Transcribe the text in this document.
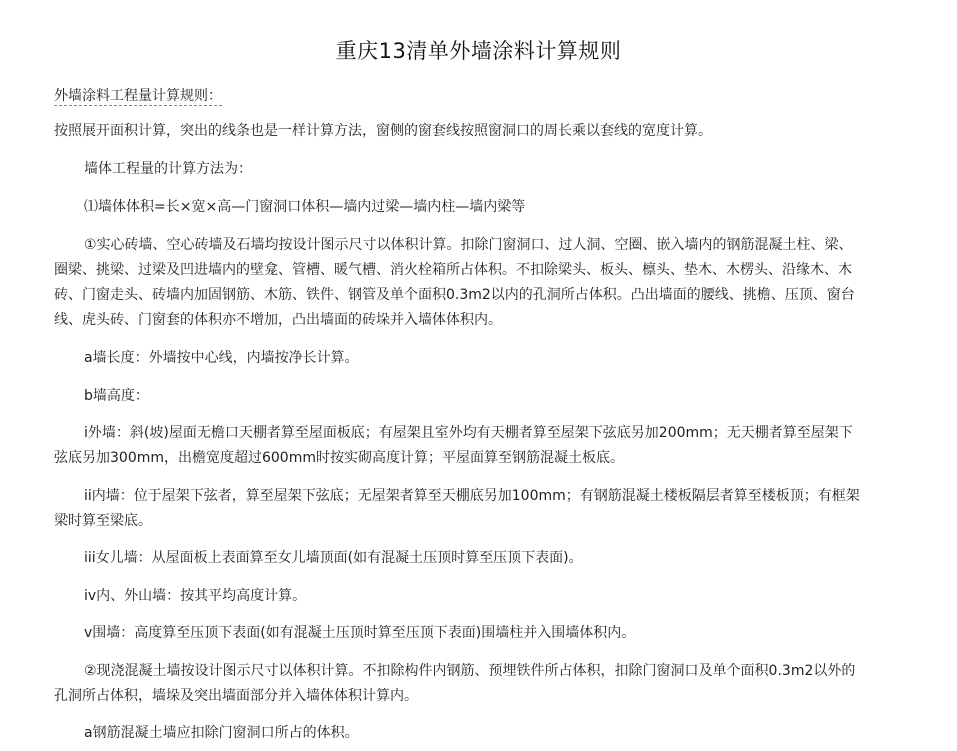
重庆13清单外墙涂料计算规则

外墙涂料工程量计算规则：

按照展开面积计算，突出的线条也是一样计算方法，窗侧的窗套线按照窗洞口的周长乘以套线的宽度计算。

墙体工程量的计算方法为：

⑴墙体体积=长×宽×高—门窗洞口体积—墙内过梁—墙内柱—墙内梁等

①实心砖墙、空心砖墙及石墙均按设计图示尺寸以体积计算。扣除门窗洞口、过人洞、空圈、嵌入墙内的钢筋混凝土柱、梁、圈梁、挑梁、过梁及凹进墙内的壁龛、管槽、暖气槽、消火栓箱所占体积。不扣除梁头、板头、檩头、垫木、木楞头、沿缘木、木砖、门窗走头、砖墙内加固钢筋、木筋、铁件、钢管及单个面积0.3m2以内的孔洞所占体积。凸出墙面的腰线、挑檐、压顶、窗台线、虎头砖、门窗套的体积亦不增加，凸出墙面的砖垛并入墙体体积内。

a墙长度：外墙按中心线，内墙按净长计算。

b墙高度：

i外墙：斜(坡)屋面无檐口天棚者算至屋面板底；有屋架且室外均有天棚者算至屋架下弦底另加200mm；无天棚者算至屋架下弦底另加300mm，出檐宽度超过600mm时按实砌高度计算；平屋面算至钢筋混凝土板底。

ii内墙：位于屋架下弦者，算至屋架下弦底；无屋架者算至天棚底另加100mm；有钢筋混凝土楼板隔层者算至楼板顶；有框架梁时算至梁底。

iii女儿墙：从屋面板上表面算至女儿墙顶面(如有混凝土压顶时算至压顶下表面)。

iv内、外山墙：按其平均高度计算。

v围墙：高度算至压顶下表面(如有混凝土压顶时算至压顶下表面)围墙柱并入围墙体积内。

②现浇混凝土墙按设计图示尺寸以体积计算。不扣除构件内钢筋、预埋铁件所占体积，扣除门窗洞口及单个面积0.3m2以外的孔洞所占体积，墙垛及突出墙面部分并入墙体体积计算内。

a钢筋混凝土墙应扣除门窗洞口所占的体积。
